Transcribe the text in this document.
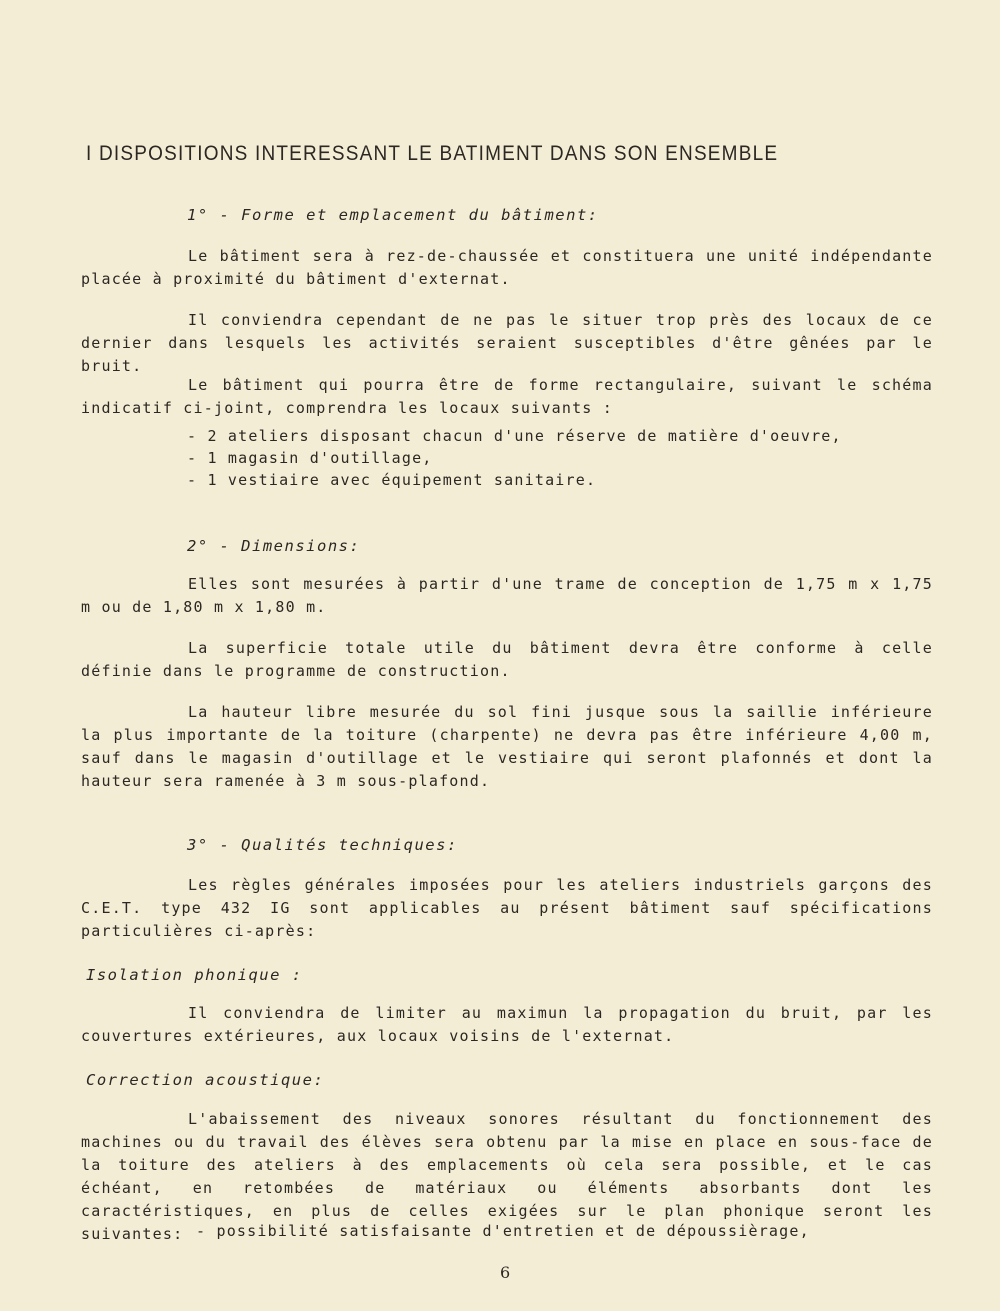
I DISPOSITIONS INTERESSANT LE BATIMENT DANS SON ENSEMBLE
1° - Forme et emplacement du bâtiment:
Le bâtiment sera à rez-de-chaussée et constituera une unité indépendante placée à proximité du bâtiment d'externat.
Il conviendra cependant de ne pas le situer trop près des locaux de ce dernier dans lesquels les activités seraient susceptibles d'être gênées par le bruit.
Le bâtiment qui pourra être de forme rectangulaire, suivant le schéma indicatif ci-joint, comprendra les locaux suivants :
- 2 ateliers disposant chacun d'une réserve de matière d'oeuvre,
- 1 magasin d'outillage,
- 1 vestiaire avec équipement sanitaire.
2° - Dimensions:
Elles sont mesurées à partir d'une trame de conception de 1,75 m x 1,75 m ou de 1,80 m x 1,80 m.
La superficie totale utile du bâtiment devra être conforme à celle définie dans le programme de construction.
La hauteur libre mesurée du sol fini jusque sous la saillie inférieure la plus importante de la toiture (charpente) ne devra pas être inférieure 4,00 m, sauf dans le magasin d'outillage et le vestiaire qui seront plafonnés et dont la hauteur sera ramenée à 3 m sous-plafond.
3° - Qualités techniques:
Les règles générales imposées pour les ateliers industriels garçons des C.E.T. type 432 IG sont applicables au présent bâtiment sauf spécifications particulières ci-après:
Isolation phonique :
Il conviendra de limiter au maximun la propagation du bruit, par les couvertures extérieures, aux locaux voisins de l'externat.
Correction acoustique:
L'abaissement des niveaux sonores résultant du fonctionnement des machines ou du travail des élèves sera obtenu par la mise en place en sous-face de la toiture des ateliers à des emplacements où cela sera possible, et le cas échéant, en retombées de matériaux ou éléments absorbants dont les caractéristiques, en plus de celles exigées sur le plan phonique seront les suivantes: - possibilité satisfaisante d'entretien et de dépoussièrage,
6
